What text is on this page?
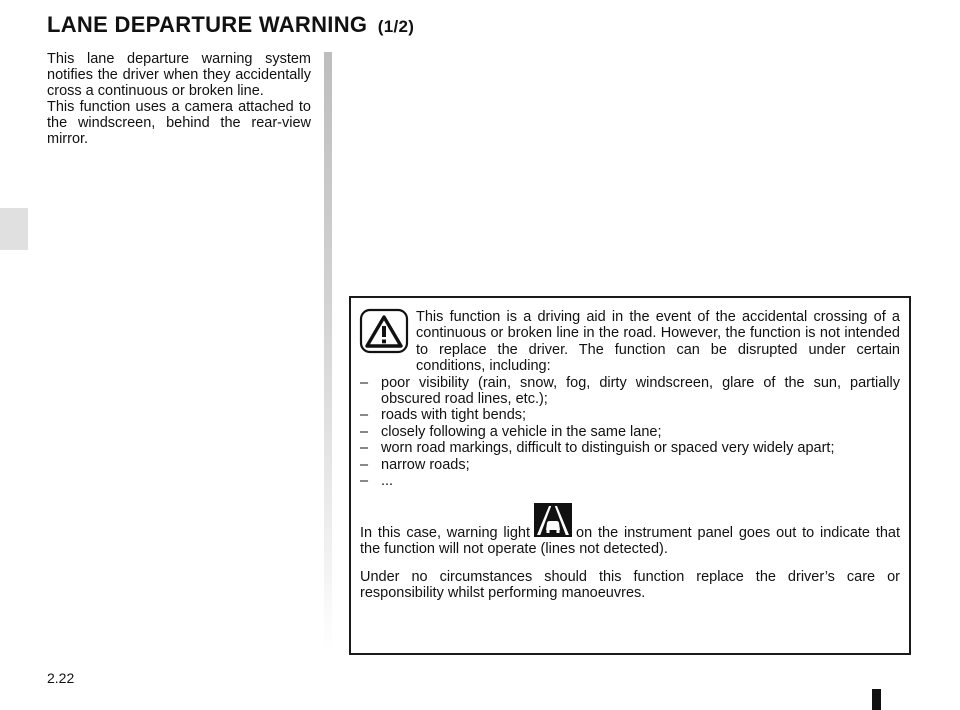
LANE DEPARTURE WARNING (1/2)

This lane departure warning system notifies the driver when they accidentally cross a continuous or broken line.

This function uses a camera attached to the windscreen, behind the rear-view mirror.

This function is a driving aid in the event of the accidental crossing of a continuous or broken line in the road. However, the function is not intended to replace the driver. The function can be disrupted under certain conditions, including:

– poor visibility (rain, snow, fog, dirty windscreen, glare of the sun, partially obscured road lines, etc.);
– roads with tight bends;
– closely following a vehicle in the same lane;
– worn road markings, difficult to distinguish or spaced very widely apart;
– narrow roads;
– ...

In this case, warning light	on the instrument panel goes out to indicate that the function will not operate (lines not detected).

Under no circumstances should this function replace the driver’s care or responsibility whilst performing manoeuvres.

2.22
